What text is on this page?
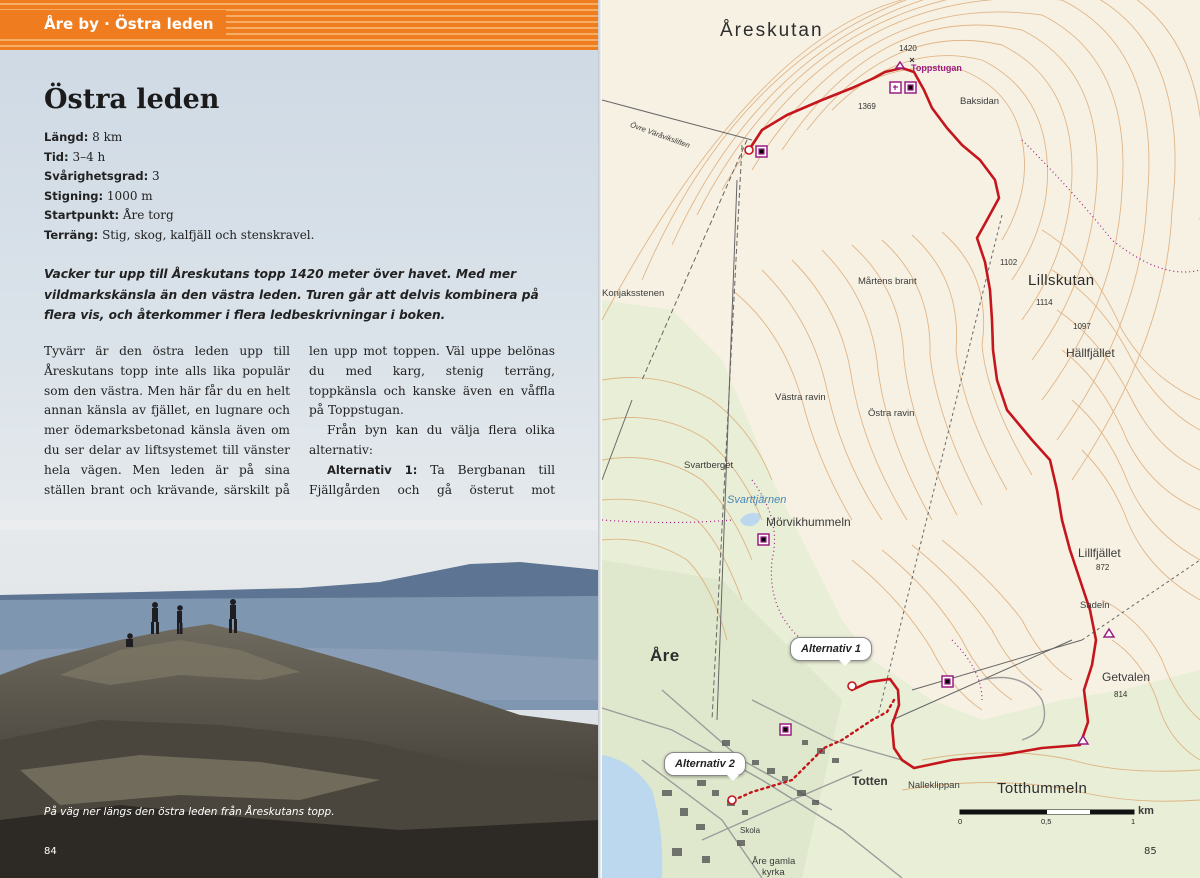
Åre by · Östra leden
Östra leden
Längd: 8 km
Tid: 3–4 h
Svårighetsgrad: 3
Stigning: 1000 m
Startpunkt: Åre torg
Terräng: Stig, skog, kalfjäll och stenskravel.
Vacker tur upp till Åreskutans topp 1420 meter över havet. Med mer vildmarkskänsla än den västra leden. Turen går att delvis kombinera på flera vis, och återkommer i flera ledbeskrivningar i boken.

Tyvärr är den östra leden upp till Åreskutans topp inte alls lika populär som den västra. Men här får du en helt annan känsla av fjället, en lugnare och mer ödemarksbetonad känsla även om du ser delar av liftsystemet till vänster hela vägen. Men leden är på sina ställen brant och krävande, särskilt på

len upp mot toppen. Väl uppe belönas du med karg, stenig terräng, toppkänsla och kanske även en våffla på Toppstugan.

Från byn kan du välja flera olika alternativ:

Alternativ 1: Ta Bergbanan till Fjällgården och gå österut mot

På väg ner längs den östra leden från Åreskutans topp.
84
Åreskutan
1420
Toppstugan
Baksidan
1369
Övre Väråviksliften
Konjaksstenen
Mårtens brant	Lillskutan
1114
1097
1102
Hällfjället
Västra ravin
Östra ravin
Svartberget
Svarttjärnen
Mörvikhummeln
Lillfjället
872
Sadeln
Getvalen
814
Åre
Totten Nalleklippan Totthummeln
Skola
Åre gamla
kyrka
Alternativ 1
Alternativ 2
0	0,5	1
km
85
